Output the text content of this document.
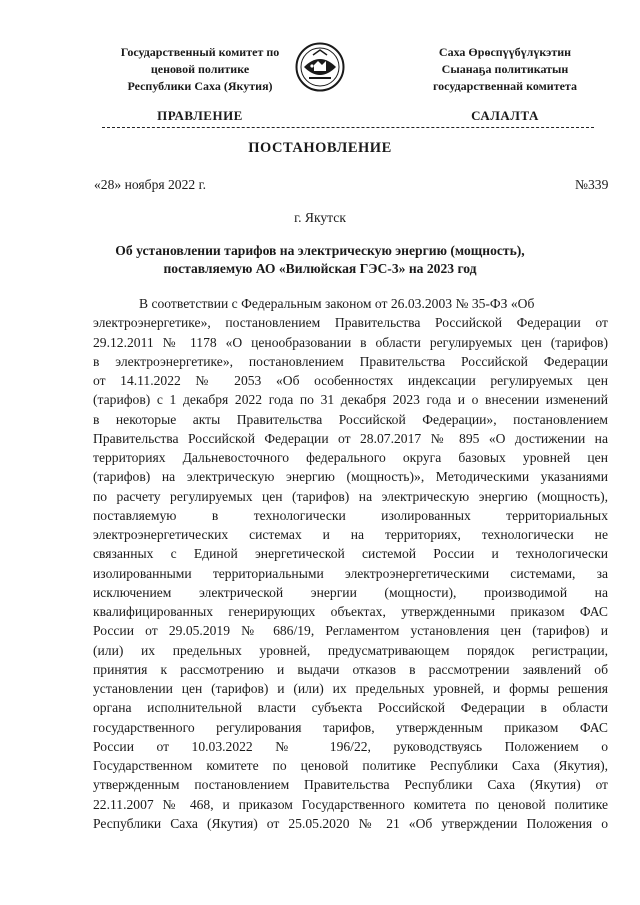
Государственный комитет по
ценовой политике
Республики Саха (Якутия)
Саха Өрөспүүбүлүкэтин
Сыанаҕа политикатын
государственнай комитета
ПРАВЛЕНИЕ	САЛАЛТА
ПОСТАНОВЛЕНИЕ
«28» ноября 2022 г.	№339
г. Якутск
Об установлении тарифов на электрическую энергию (мощность),
поставляемую АО «Вилюйская ГЭС-3» на 2023 год
В соответствии с Федеральным законом от 26.03.2003 № 35-ФЗ «Об
электроэнергетике», постановлением Правительства Российской Федерации от
29.12.2011 № 1178 «О ценообразовании в области регулируемых цен (тарифов)
в электроэнергетике», постановлением Правительства Российской Федерации
от 14.11.2022 № 2053 «Об особенностях индексации регулируемых цен
(тарифов) с 1 декабря 2022 года по 31 декабря 2023 года и о внесении изменений
в некоторые акты Правительства Российской Федерации», постановлением
Правительства Российской Федерации от 28.07.2017 № 895 «О достижении на
территориях Дальневосточного федерального округа базовых уровней цен
(тарифов) на электрическую энергию (мощность)», Методическими указаниями
по расчету регулируемых цен (тарифов) на электрическую энергию (мощность),
поставляемую в технологически изолированных территориальных
электроэнергетических системах и на территориях, технологически не
связанных с Единой энергетической системой России и технологически
изолированными территориальными электроэнергетическими системами, за
исключением электрической энергии (мощности), производимой на
квалифицированных генерирующих объектах, утвержденными приказом ФАС
России от 29.05.2019 № 686/19, Регламентом установления цен (тарифов) и
(или) их предельных уровней, предусматривающем порядок регистрации,
принятия к рассмотрению и выдачи отказов в рассмотрении заявлений об
установлении цен (тарифов) и (или) их предельных уровней, и формы решения
органа исполнительной власти субъекта Российской Федерации в области
государственного регулирования тарифов, утвержденным приказом ФАС
России от 10.03.2022 № 196/22, руководствуясь Положением о
Государственном комитете по ценовой политике Республики Саха (Якутия),
утвержденным постановлением Правительства Республики Саха (Якутия) от
22.11.2007 № 468, и приказом Государственного комитета по ценовой политике
Республики Саха (Якутия) от 25.05.2020 № 21 «Об утверждении Положения о
